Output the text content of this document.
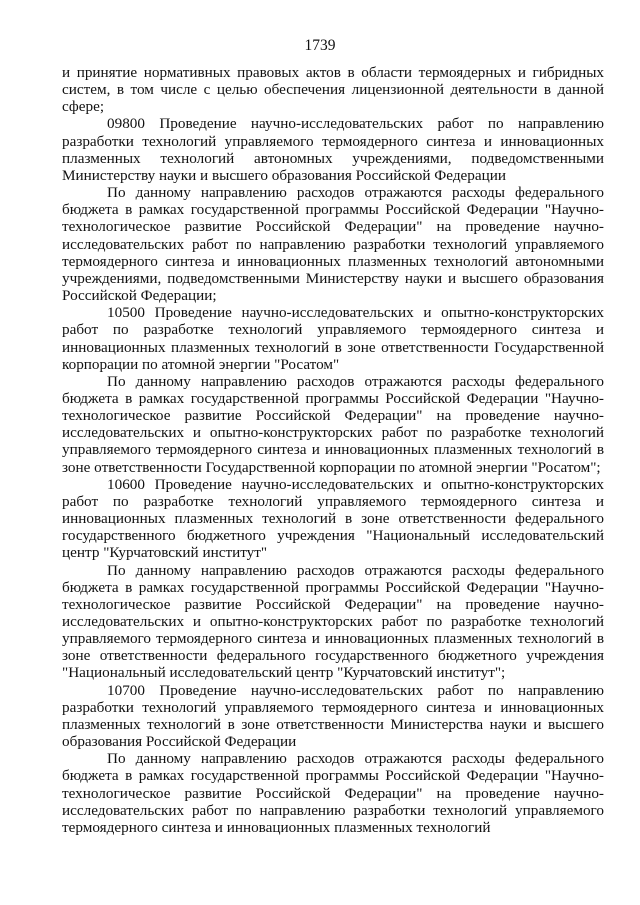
1739

и принятие нормативных правовых актов в области термоядерных и гибридных систем, в том числе с целью обеспечения лицензионной деятельности в данной сфере;

09800 Проведение научно-исследовательских работ по направлению разработки технологий управляемого термоядерного синтеза и инновационных плазменных технологий автономных учреждениями, подведомственными Министерству науки и высшего образования Российской Федерации

По данному направлению расходов отражаются расходы федерального бюджета в рамках государственной программы Российской Федерации "Научно-технологическое развитие Российской Федерации" на проведение научно-исследовательских работ по направлению разработки технологий управляемого термоядерного синтеза и инновационных плазменных технологий автономными учреждениями, подведомственными Министерству науки и высшего образования Российской Федерации;

10500 Проведение научно-исследовательских и опытно-конструкторских работ по разработке технологий управляемого термоядерного синтеза и инновационных плазменных технологий в зоне ответственности Государственной корпорации по атомной энергии "Росатом"

По данному направлению расходов отражаются расходы федерального бюджета в рамках государственной программы Российской Федерации "Научно-технологическое развитие Российской Федерации" на проведение научно-исследовательских и опытно-конструкторских работ по разработке технологий управляемого термоядерного синтеза и инновационных плазменных технологий в зоне ответственности Государственной корпорации по атомной энергии "Росатом";

10600 Проведение научно-исследовательских и опытно-конструкторских работ по разработке технологий управляемого термоядерного синтеза и инновационных плазменных технологий в зоне ответственности федерального государственного бюджетного учреждения "Национальный исследовательский центр "Курчатовский институт"

По данному направлению расходов отражаются расходы федерального бюджета в рамках государственной программы Российской Федерации "Научно-технологическое развитие Российской Федерации" на проведение научно-исследовательских и опытно-конструкторских работ по разработке технологий управляемого термоядерного синтеза и инновационных плазменных технологий в зоне ответственности федерального государственного бюджетного учреждения "Национальный исследовательский центр "Курчатовский институт";

10700 Проведение научно-исследовательских работ по направлению разработки технологий управляемого термоядерного синтеза и инновационных плазменных технологий в зоне ответственности Министерства науки и высшего образования Российской Федерации

По данному направлению расходов отражаются расходы федерального бюджета в рамках государственной программы Российской Федерации "Научно-технологическое развитие Российской Федерации" на проведение научно-исследовательских работ по направлению разработки технологий управляемого термоядерного синтеза и инновационных плазменных технологий
